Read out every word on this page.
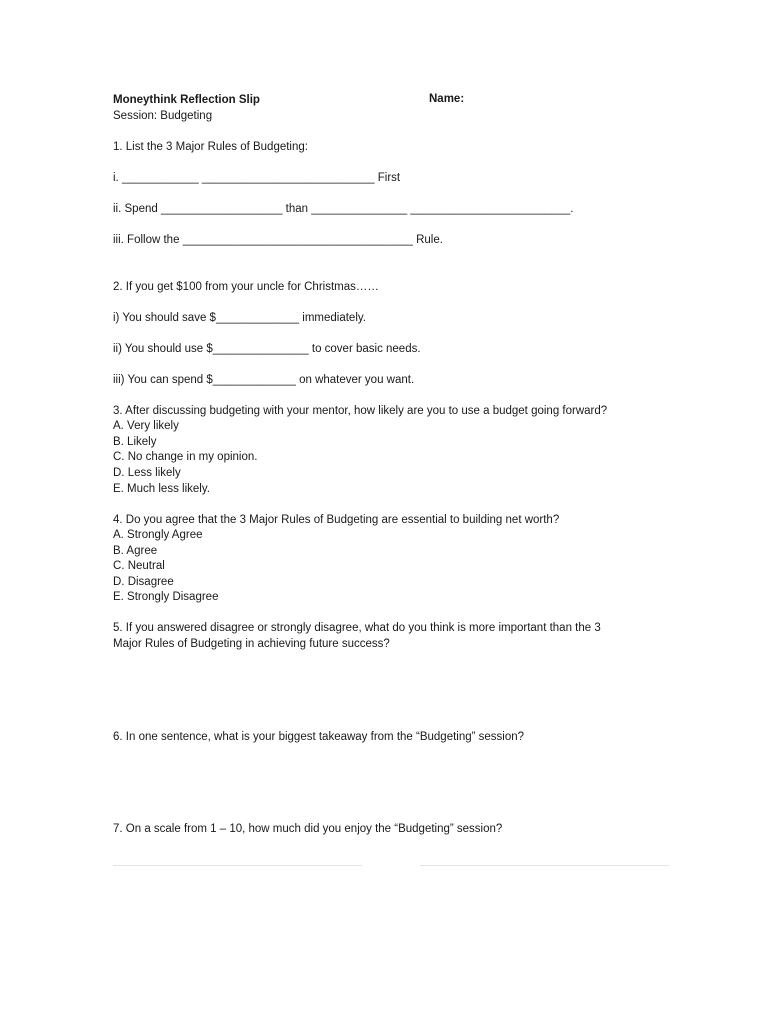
Moneythink Reflection Slip	Name:
Session: Budgeting
1. List the 3 Major Rules of Budgeting:
i. ____________ ___________________________ First
ii. Spend ___________________ than _______________ _________________________.
iii. Follow the ____________________________________ Rule.
2. If you get $100 from your uncle for Christmas……
i) You should save $_____________ immediately.
ii) You should use $_______________ to cover basic needs.
iii) You can spend $_____________ on whatever you want.
3. After discussing budgeting with your mentor, how likely are you to use a budget going forward?
A. Very likely
B. Likely
C. No change in my opinion.
D. Less likely
E. Much less likely.
4. Do you agree that the 3 Major Rules of Budgeting are essential to building net worth?
A. Strongly Agree
B. Agree
C. Neutral
D. Disagree
E. Strongly Disagree
5. If you answered disagree or strongly disagree, what do you think is more important than the 3
Major Rules of Budgeting in achieving future success?
6. In one sentence, what is your biggest takeaway from the “Budgeting” session?
7. On a scale from 1 – 10, how much did you enjoy the “Budgeting” session?
